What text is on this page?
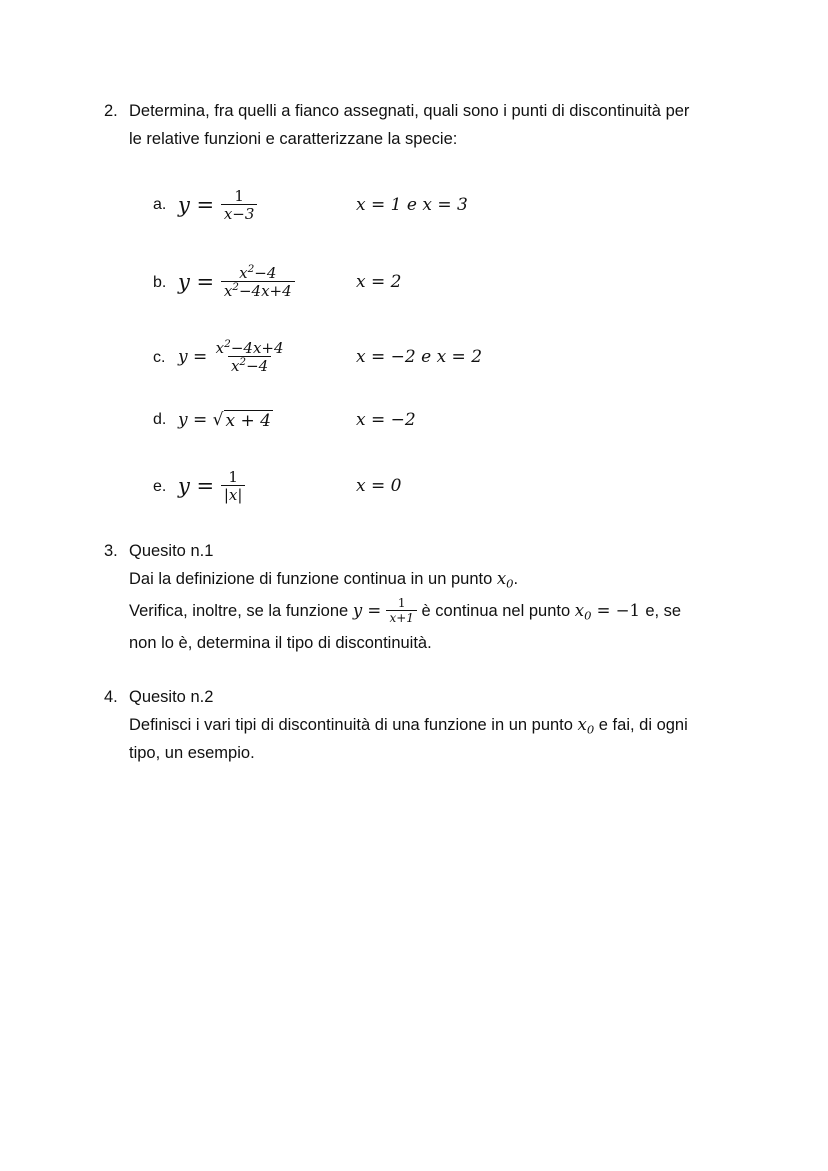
2. Determina, fra quelli a fianco assegnati, quali sono i punti di discontinuità per
le relative funzioni e caratterizzane la specie:
a. $y = \frac{1}{x-3}$	x = 1 e x = 3
b. $y = \frac{x^2-4}{x^2-4x+4}$	x = 2
c. $y = \frac{x^2-4x+4}{x^2-4}$	x = −2 e x = 2
d. y = √ x + 4	x = −2
e. $y = \frac{1}{|x|}$	x = 0
3. Quesito n.1
Dai la definizione di funzione continua in un punto $x_0$.
Verifica, inoltre, se la funzione
$y = \frac{1}{x+1}$
è continua nel punto
$x_0 = -1$ e, se
non lo è, determina il tipo di discontinuità.
4. Quesito n.2
Definisci i vari tipi di discontinuità di una funzione in un punto $x_0$ e fai, di ogni
tipo, un esempio.
